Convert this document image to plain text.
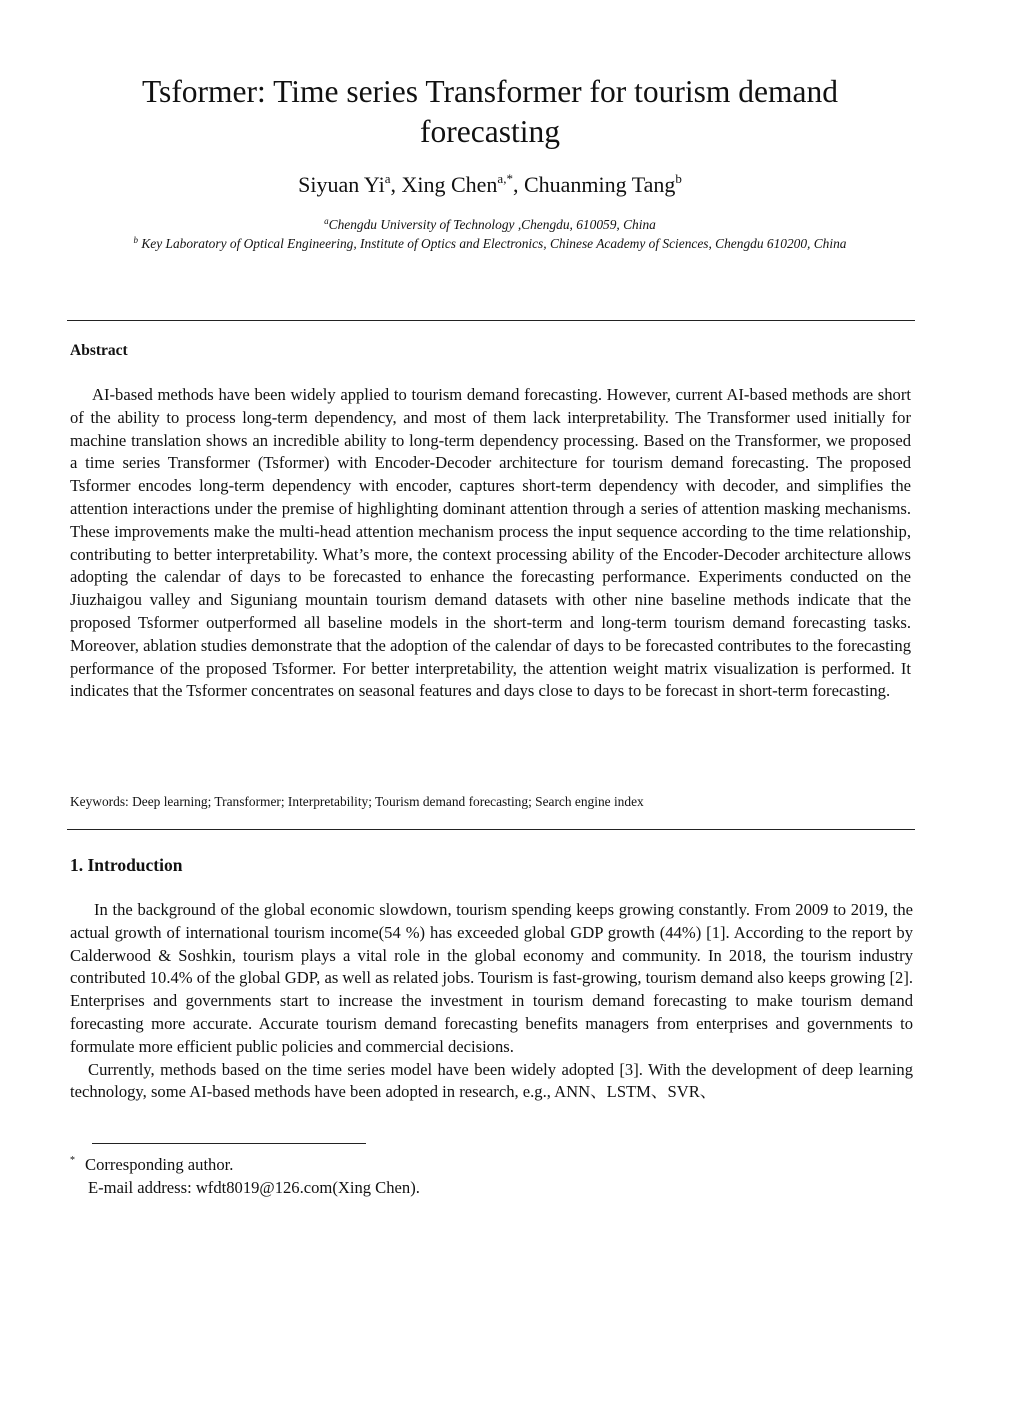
Tsformer: Time series Transformer for tourism demand
forecasting
Siyuan Yi$^a$, Xing Chen$^{a,*}$, Chuanming Tang$^b$
$^a$Chengdu University of Technology ,Chengdu, 610059, China
$^b$ Key Laboratory of Optical Engineering, Institute of Optics and Electronics, Chinese Academy of Sciences, Chengdu 610200, China
Abstract

AI-based methods have been widely applied to tourism demand forecasting. However, current AI-based methods are short of the ability to process long-term dependency, and most of them lack interpretability. The Transformer used initially for machine translation shows an incredible ability to long-term dependency processing. Based on the Transformer, we proposed a time series Transformer (Tsformer) with Encoder-Decoder architecture for tourism demand forecasting. The proposed Tsformer encodes long-term dependency with encoder, captures short-term dependency with decoder, and simplifies the attention interactions under the premise of highlighting dominant attention through a series of attention masking mechanisms. These improvements make the multi-head attention mechanism process the input sequence according to the time relationship, contributing to better interpretability. What’s more, the context processing ability of the Encoder-Decoder architecture allows adopting the calendar of days to be forecasted to enhance the forecasting performance. Experiments conducted on the Jiuzhaigou valley and Siguniang mountain tourism demand datasets with other nine baseline methods indicate that the proposed Tsformer outperformed all baseline models in the short-term and long-term tourism demand forecasting tasks. Moreover, ablation studies demonstrate that the adoption of the calendar of days to be forecasted contributes to the forecasting performance of the proposed Tsformer. For better interpretability, the attention weight matrix visualization is performed. It indicates that the Tsformer concentrates on seasonal features and days close to days to be forecast in short-term forecasting.

Keywords: Deep learning; Transformer; Interpretability; Tourism demand forecasting; Search engine index
1. Introduction

In the background of the global economic slowdown, tourism spending keeps growing constantly. From 2009 to 2019, the actual growth of international tourism income(54 %) has exceeded global GDP growth (44%) [1]. According to the report by Calderwood & Soshkin, tourism plays a vital role in the global economy and community. In 2018, the tourism industry contributed 10.4% of the global GDP, as well as related jobs. Tourism is fast-growing, tourism demand also keeps growing [2]. Enterprises and governments start to increase the investment in tourism demand forecasting to make tourism demand forecasting more accurate. Accurate tourism demand forecasting benefits managers from enterprises and governments to formulate more efficient public policies and commercial decisions.

Currently, methods based on the time series model have been widely adopted [3]. With the development of deep learning technology, some AI-based methods have been adopted in research, e.g., ANN、LSTM、SVR、

* Corresponding author.
E-mail address: wfdt8019@126.com(Xing Chen).
